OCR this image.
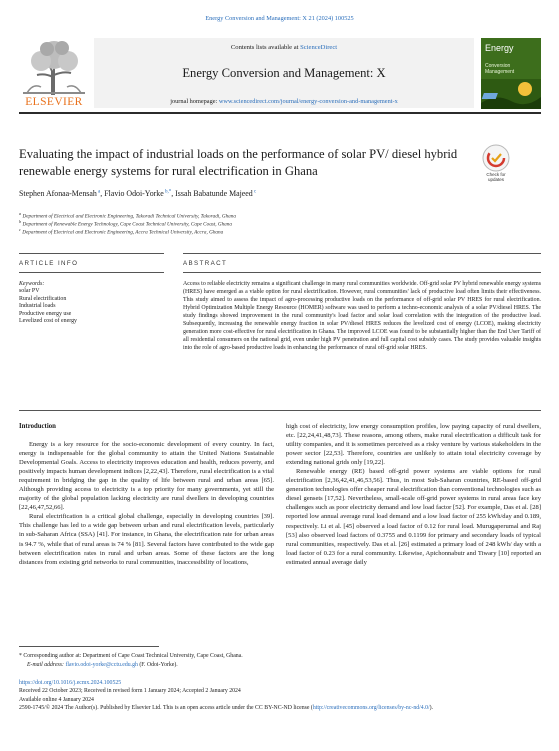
Energy Conversion and Management: X 21 (2024) 100525
ELSEVIER
Contents lists available at ScienceDirect
Energy Conversion and Management: X
journal homepage: www.sciencedirect.com/journal/energy-conversion-and-management-x
Energy
Conversion
Management
Check for
updates
Evaluating the impact of industrial loads on the performance of solar PV/ diesel hybrid renewable energy systems for rural electrification in Ghana
Stephen Afonaa-Mensah $^a$, Flavio Odoi-Yorke $^{b,*}$, Issah Babatunde Majeed $^c$
$^a$ Department of Electrical and Electronic Engineering, Takoradi Technical University, Takoradi, Ghana
$^b$ Department of Renewable Energy Technology, Cape Coast Technical University, Cape Coast, Ghana
$^c$ Department of Electrical and Electronic Engineering, Accra Technical University, Accra, Ghana
ARTICLE INFO	ABSTRACT
Keywords:
solar PV
Rural electrification
Industrial loads
Productive energy use
Levelized cost of energy
Access to reliable electricity remains a significant challenge in many rural communities worldwide. Off-grid solar PV hybrid renewable energy systems (HRES) have emerged as a viable option for rural electrification. However, rural communities' lack of productive load often limits their effectiveness. This study aimed to assess the impact of agro-processing productive loads on the performance of off-grid solar PV HRES for rural electrification. Hybrid Optimization Multiple Energy Resource (HOMER) software was used to perform a techno-economic analysis of a solar PV/diesel HRES. The study findings showed improvement in the rural community's load factor and solar load correlation with the integration of the productive load. Subsequently, increasing the renewable energy fraction in solar PV/diesel HRES reduces the levelized cost of energy (LCOE), making electricity generation more cost-effective for rural electrification in Ghana. The improved LCOE was found to be substantially higher than the End User Tariff of all residential consumers on the national grid, even under high PV penetration and full capital cost subsidy cases. The study provides valuable insights into the role of agro-based productive loads in enhancing the performance of rural off-grid solar HRES.
Introduction

Energy is a key resource for the socio-economic development of every country. In fact, energy is indispensable for the global community to attain the United Nations Sustainable Developmental Goals. Access to electricity improves education and health, reduces poverty, and positively impacts human development indices [2,22,43]. Therefore, rural electrification is a vital requirement in bridging the gap in the quality of life between rural and urban areas [65]. Although providing access to electricity is a top priority for many governments, yet still the majority of the global population lacking electricity are rural dwellers in developing countries [22,46,47,52,66].

Rural electrification is a critical global challenge, especially in developing countries [39]. This challenge has led to a wide gap between urban and rural electrification levels, particularly in sub-Saharan Africa (SSA) [41]. For instance, in Ghana, the electrification rate for urban areas is 94.7 %, while that of rural areas is 74 % [81]. Several factors have contributed to the wide gap between electrification rates in rural and urban areas. Some of these factors are the long distances from existing grid networks to rural communities, inaccessibility of locations,

high cost of electricity, low energy consumption profiles, low paying capacity of rural dwellers, etc. [22,24,41,48,73]. These reasons, among others, make rural electrification a difficult task for utility companies, and it is sometimes perceived as a risky venture by various stakeholders in the power sector [22,53]. Therefore, countries are unlikely to attain total electricity coverage by extending national grids only [19,22].

Renewable energy (RE) based off-grid power systems are viable options for rural electrification [2,36,42,41,46,53,56]. Thus, in most Sub-Saharan countries, RE-based off-grid generation technologies offer cheaper rural electrification than conventional technologies such as diesel gensets [17,52]. Nevertheless, small-scale off-grid power systems in rural areas face key challenges such as poor electricity demand and low load factor [52]. For example, Das et al. [28] reported low annual average rural load demand and a low load factor of 255 kWh/day and 0.189, respectively. Li et al. [45] observed a load factor of 0.12 for rural load. Murugaperumal and Raj [53] also observed load factors of 0.3755 and 0.1199 for primary and secondary loads of typical rural communities, respectively. Das et al. [26] estimated a primary load of 248 kWh/ day with a load factor of 0.23 for a rural community. Likewise, Apichonnabutr and Tiwary [10] reported an estimated annual average daily

* Corresponding author at: Department of Cape Coast Technical University, Cape Coast, Ghana.
E-mail address: flavio.odoi-yorke@cctu.edu.gh (F. Odoi-Yorke).
https://doi.org/10.1016/j.ecmx.2024.100525
Received 22 October 2023; Received in revised form 1 January 2024; Accepted 2 January 2024
Available online 4 January 2024
2590-1745/© 2024 The Author(s). Published by Elsevier Ltd. This is an open access article under the CC BY-NC-ND license (http://creativecommons.org/licenses/by-nc-nd/4.0/).
